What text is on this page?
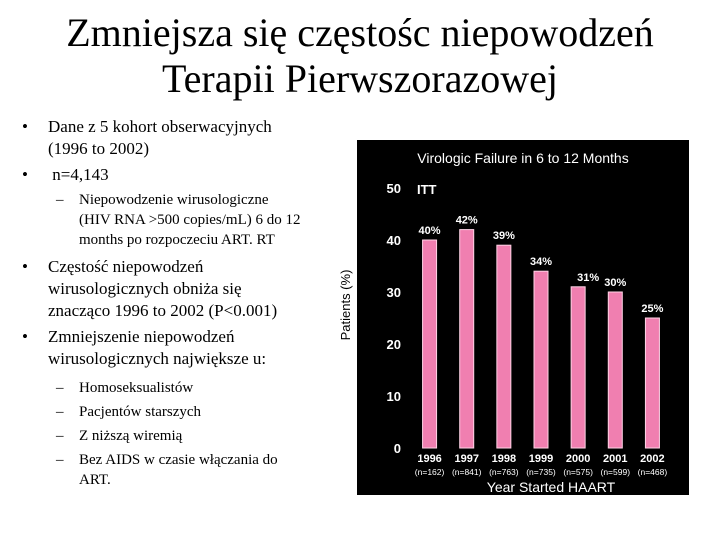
Zmniejsza się częstośc niepowodzeń
Terapii Pierwszorazowej
• Dane z 5 kohort obserwacyjnych
(1996 to 2002)
• n=4,143
– Niepowodzenie wirusologiczne
(HIV RNA >500 copies/mL) 6 do 12
months po rozpoczeciu ART. RT
• Częstość niepowodzeń
wirusologicznych obniża się
znacząco 1996 to 2002 (P<0.001)
• Zmniejszenie niepowodzeń
wirusologicznych największe u:
– Homoseksualistów
– Pacjentów starszych
– Z niższą wiremią
– Bez AIDS w czasie włączania do
ART.
Virologic Failure in 6 to 12 Months
0
10
20
30
40
50 ITT
40%
1996
(n=162)
42%
1997
(n=841)
39%
1998
(n=763)
34%
1999
(n=735)
31%
2000
(n=575)
30%
2001
(n=599)
25%
2002
(n=468)
Year Started HAART
Patients (%)
